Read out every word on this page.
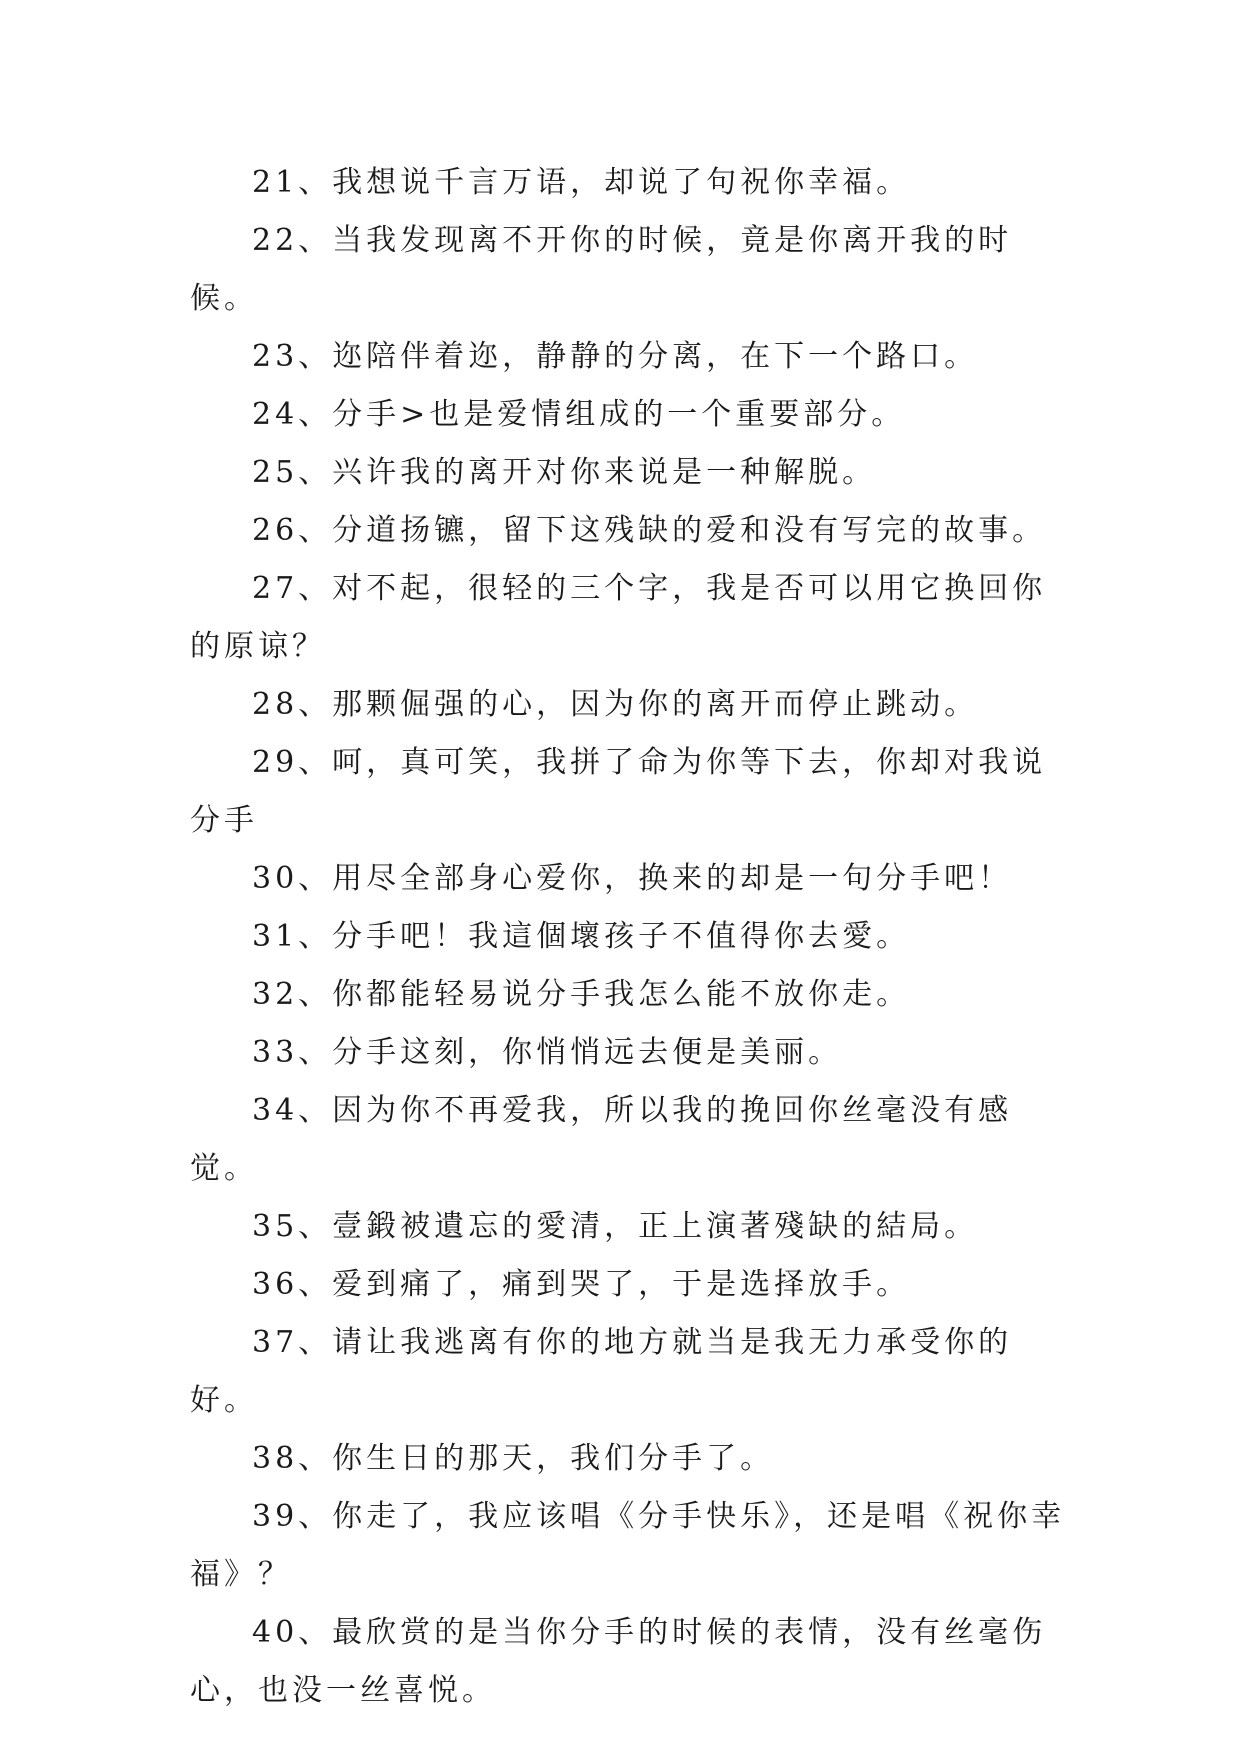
21、我想说千言万语，却说了句祝你幸福。

22、当我发现离不开你的时候，竟是你离开我的时候。

23、迩陪伴着迩，静静的分离，在下一个路口。

24、分手>也是爱情组成的一个重要部分。

25、兴许我的离开对你来说是一种解脱。

26、分道扬镳，留下这残缺的爱和没有写完的故事。

27、对不起，很轻的三个字，我是否可以用它换回你的原谅？

28、那颗倔强的心，因为你的离开而停止跳动。

29、呵，真可笑，我拼了命为你等下去，你却对我说分手

30、用尽全部身心爱你，换来的却是一句分手吧！

31、分手吧！我這個壞孩子不值得你去愛。

32、你都能轻易说分手我怎么能不放你走。

33、分手这刻，你悄悄远去便是美丽。

34、因为你不再爱我，所以我的挽回你丝毫没有感觉。

35、壹鍛被遺忘的愛清，正上演著殘缺的結局。

36、爱到痛了，痛到哭了，于是选择放手。

37、请让我逃离有你的地方就当是我无力承受你的好。

38、你生日的那天，我们分手了。

39、你走了，我应该唱《分手快乐》，还是唱《祝你幸福》？

40、最欣赏的是当你分手的时候的表情，没有丝毫伤心，也没一丝喜悦。
